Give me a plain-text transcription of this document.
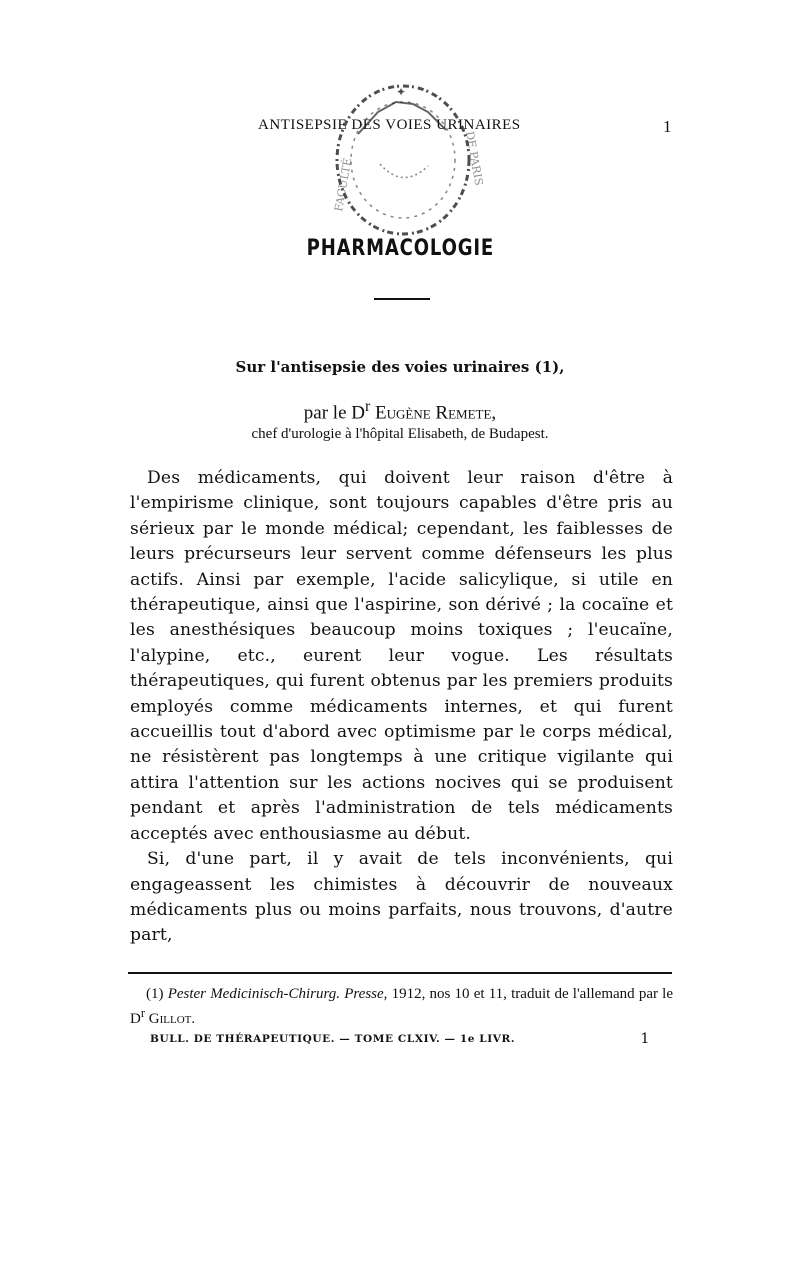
ANTISEPSIE DES VOIES URINAIRES	1
✦
FACULTÉ	DE PARIS
PHARMACOLOGIE
Sur l'antisepsie des voies urinaires (1),
par le $D^r$ Eugène Remete,
chef d'urologie à l'hôpital Elisabeth, de Budapest.

Des médicaments, qui doivent leur raison d'être à l'empirisme clinique, sont toujours capables d'être pris au sérieux par le monde médical; cependant, les faiblesses de leurs précurseurs leur servent comme défenseurs les plus actifs. Ainsi par exemple, l'acide salicylique, si utile en thérapeutique, ainsi que l'aspirine, son dérivé ; la cocaïne et les anesthésiques beaucoup moins toxiques ; l'eucaïne, l'alypine, etc., eurent leur vogue. Les résultats thérapeutiques, qui furent obtenus par les premiers produits employés comme médicaments internes, et qui furent accueillis tout d'abord avec optimisme par le corps médical, ne résistèrent pas longtemps à une critique vigilante qui attira l'attention sur les actions nocives qui se produisent pendant et après l'administration de tels médicaments acceptés avec enthousiasme au début.

Si, d'une part, il y avait de tels inconvénients, qui engageassent les chimistes à découvrir de nouveaux médicaments plus ou moins parfaits, nous trouvons, d'autre part,

(1) Pester Medicinisch-Chirurg. Presse, 1912, nos 10 et 11, traduit de l'allemand par le $D^r$ Gillot.

BULL. DE THÉRAPEUTIQUE. — TOME CLXIV. — 1e LIVR.	1
